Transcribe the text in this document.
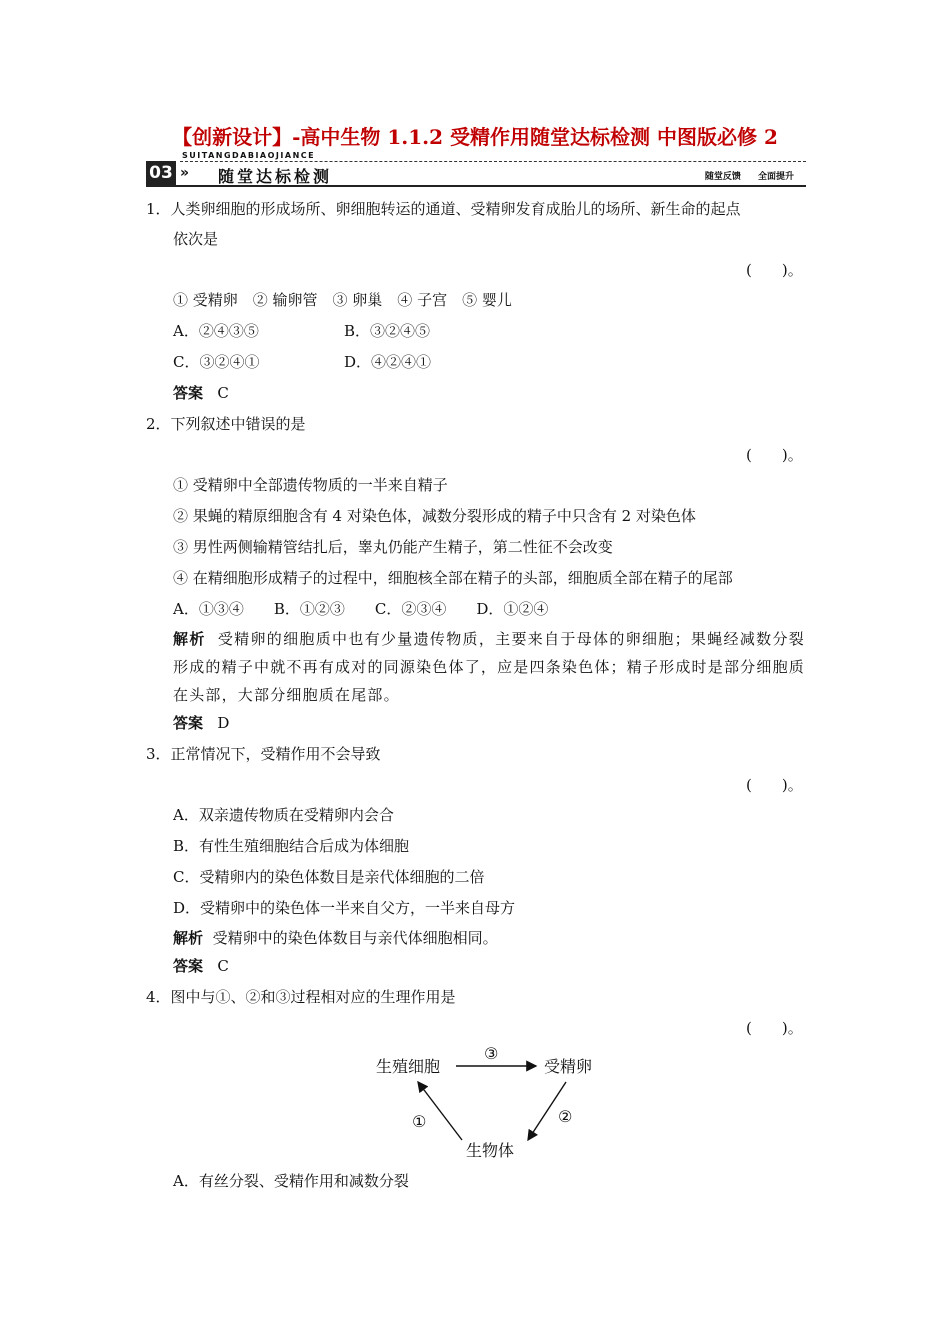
【创新设计】-高中生物 1.1.2 受精作用随堂达标检测 中图版必修 2
03
SUITANGDABIAOJIANCE
» 随堂达标检测	随堂反馈 全面提升
1．人类卵细胞的形成场所、卵细胞转运的通道、受精卵发育成胎儿的场所、新生命的起点
依次是
(　　)。
① 受精卵　② 输卵管　③ 卵巢　④ 子宫　⑤ 婴儿
A．②④③⑤	B．③②④⑤
C．③②④①	D．④②④①
答案 C
2．下列叙述中错误的是
(　　)。
① 受精卵中全部遗传物质的一半来自精子
② 果蝇的精原细胞含有 4 对染色体，减数分裂形成的精子中只含有 2 对染色体
③ 男性两侧输精管结扎后，睾丸仍能产生精子，第二性征不会改变
④ 在精细胞形成精子的过程中，细胞核全部在精子的头部，细胞质全部在精子的尾部
A．①③④　　B．①②③　　C．②③④　　D．①②④
解析 受精卵的细胞质中也有少量遗传物质，主要来自于母体的卵细胞；果蝇经减数分裂形成的精子中就不再有成对的同源染色体了，应是四条染色体；精子形成时是部分细胞质在头部，大部分细胞质在尾部。
答案 D
3．正常情况下，受精作用不会导致
(　　)。
A．双亲遗传物质在受精卵内会合
B．有性生殖细胞结合后成为体细胞
C．受精卵内的染色体数目是亲代体细胞的二倍
D．受精卵中的染色体一半来自父方，一半来自母方
解析 受精卵中的染色体数目与亲代体细胞相同。
答案 C
4．图中与①、②和③过程相对应的生理作用是
(　　)。
生殖细胞	受精卵
生物体
③
②
①
A．有丝分裂、受精作用和减数分裂
